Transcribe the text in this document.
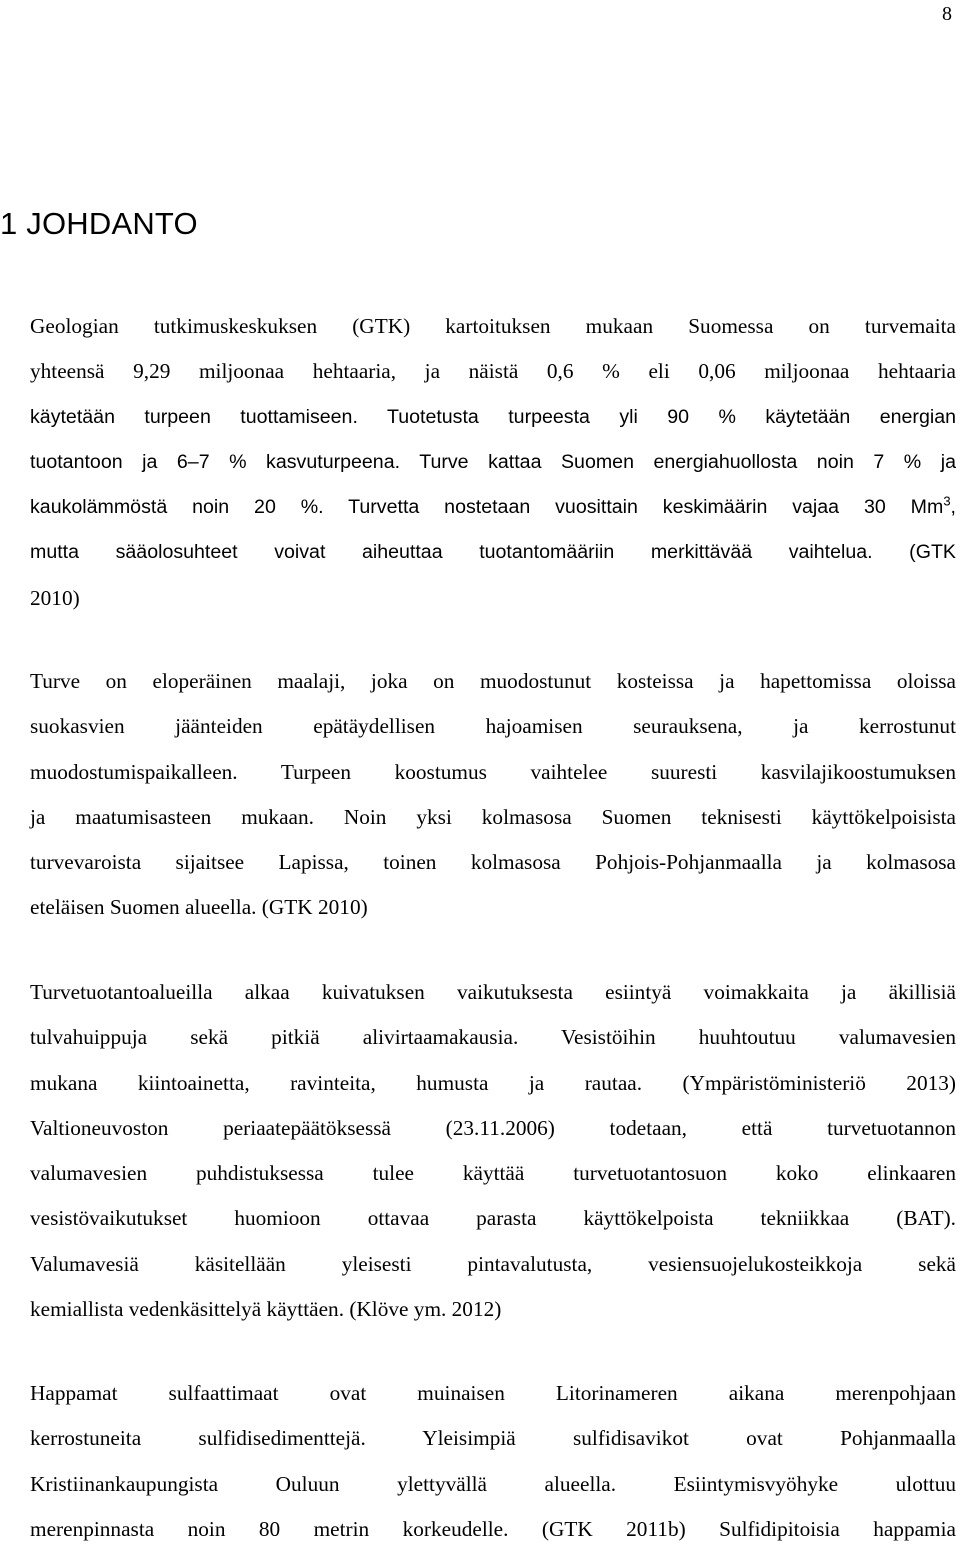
8
1 JOHDANTO
Geologian tutkimuskeskuksen (GTK) kartoituksen mukaan Suomessa on turvemaita
yhteensä 9,29 miljoonaa hehtaaria, ja näistä 0,6 % eli 0,06 miljoonaa hehtaaria
käytetään turpeen tuottamiseen. Tuotetusta turpeesta yli 90 % käytetään energian
tuotantoon ja 6–7 % kasvuturpeena. Turve kattaa Suomen energiahuollosta noin 7 % ja
kaukolämmöstä noin 20 %. Turvetta nostetaan vuosittain keskimäärin vajaa 30 Mm$^3$,
mutta sääolosuhteet voivat aiheuttaa tuotantomääriin merkittävää vaihtelua. (GTK
2010)
Turve on eloperäinen maalaji, joka on muodostunut kosteissa ja hapettomissa oloissa
suokasvien jäänteiden epätäydellisen hajoamisen seurauksena, ja kerrostunut
muodostumispaikalleen. Turpeen koostumus vaihtelee suuresti kasvilajikoostumuksen
ja maatumisasteen mukaan. Noin yksi kolmasosa Suomen teknisesti käyttökelpoisista
turvevaroista sijaitsee Lapissa, toinen kolmasosa Pohjois-Pohjanmaalla ja kolmasosa
eteläisen Suomen alueella. (GTK 2010)
Turvetuotantoalueilla alkaa kuivatuksen vaikutuksesta esiintyä voimakkaita ja äkillisiä
tulvahuippuja sekä pitkiä alivirtaamakausia. Vesistöihin huuhtoutuu valumavesien
mukana kiintoainetta, ravinteita, humusta ja rautaa. (Ympäristöministeriö 2013)
Valtioneuvoston periaatepäätöksessä (23.11.2006) todetaan, että turvetuotannon
valumavesien puhdistuksessa tulee käyttää turvetuotantosuon koko elinkaaren
vesistövaikutukset huomioon ottavaa parasta käyttökelpoista tekniikkaa (BAT).
Valumavesiä käsitellään yleisesti pintavalutusta, vesiensuojelukosteikkoja sekä
kemiallista vedenkäsittelyä käyttäen. (Klöve ym. 2012)
Happamat sulfaattimaat ovat muinaisen Litorinameren aikana merenpohjaan
kerrostuneita sulfidisedimenttejä. Yleisimpiä sulfidisavikot ovat Pohjanmaalla
Kristiinankaupungista Ouluun ylettyvällä alueella. Esiintymisvyöhyke ulottuu
merenpinnasta noin 80 metrin korkeudelle. (GTK 2011b) Sulfidipitoisia happamia
